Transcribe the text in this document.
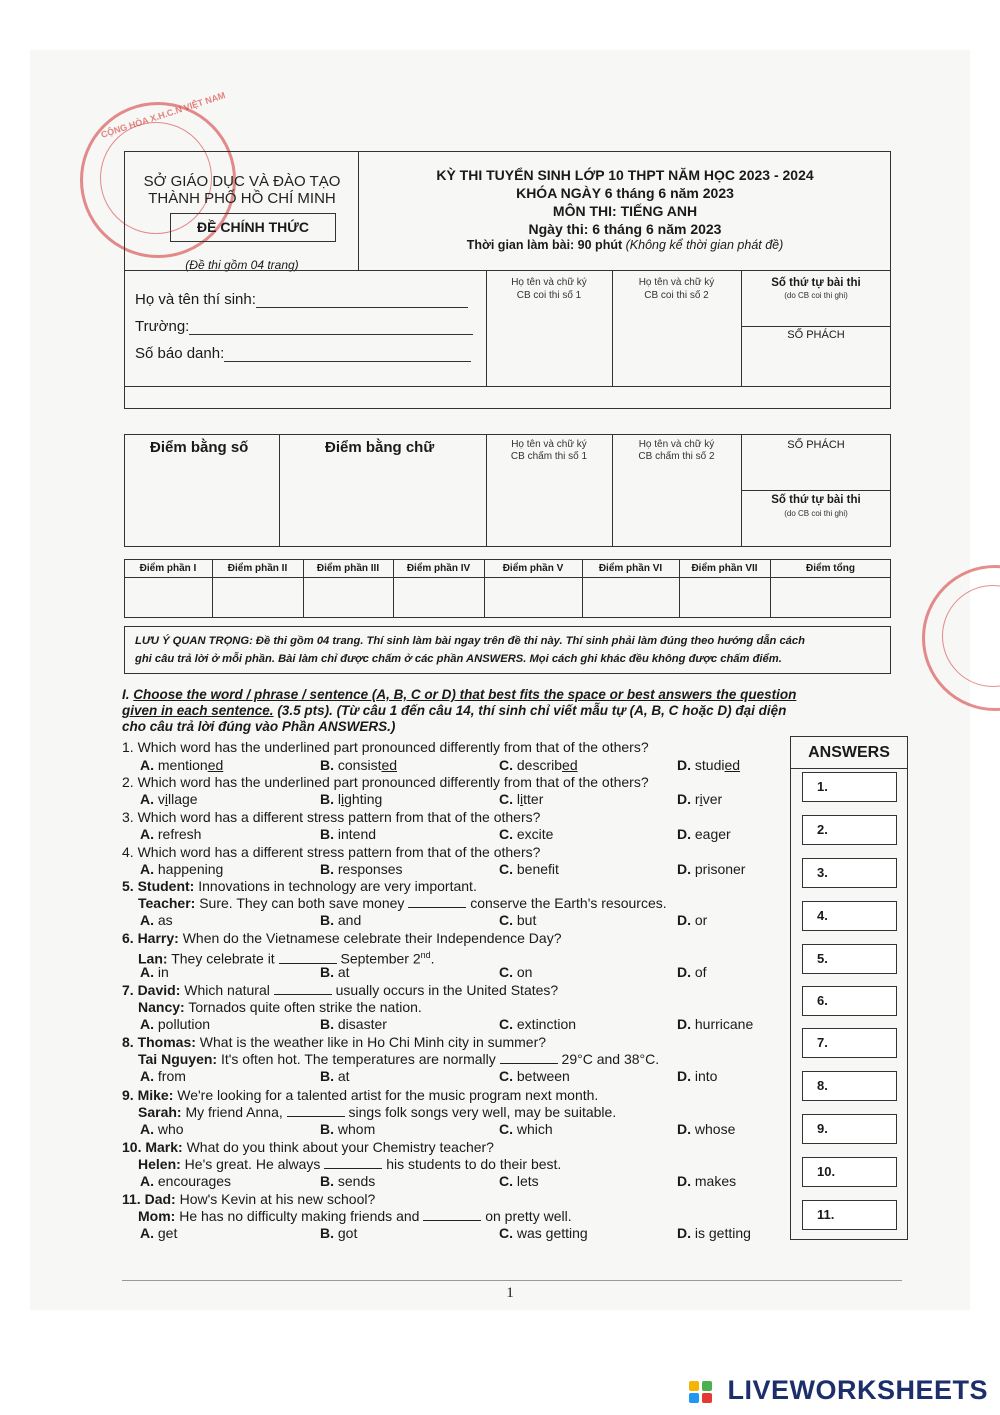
CỘNG HÒA X.H.C.N VIỆT NAM
SỞ GIÁO DỤC VÀ ĐÀO TẠO
THÀNH PHỐ HỒ CHÍ MINH
ĐỀ CHÍNH THỨC
(Đề thi gồm 04 trang)
KỲ THI TUYỂN SINH LỚP 10 THPT NĂM HỌC 2023 - 2024
KHÓA NGÀY 6 tháng 6 năm 2023
MÔN THI: TIẾNG ANH
Ngày thi: 6 tháng 6 năm 2023
Thời gian làm bài: 90 phút (Không kể thời gian phát đề)
Họ và tên thí sinh:
Trường:
Số báo danh:
Họ tên và chữ ký
CB coi thi số 1
Họ tên và chữ ký
CB coi thi số 2
Số thứ tự bài thi
(do CB coi thi ghi)
SỐ PHÁCH
Điểm bằng số	Điểm bằng chữ	Họ tên và chữ ký
CB chấm thi số 1
Họ tên và chữ ký
CB chấm thi số 2
SỐ PHÁCH
Số thứ tự bài thi
(do CB coi thi ghi)
Điểm phần I	Điểm phần II	Điểm phần III	Điểm phần IV	Điểm phần V	Điểm phần VI	Điểm phần VII	Điểm tổng
LƯU Ý QUAN TRỌNG: Đề thi gồm 04 trang. Thí sinh làm bài ngay trên đề thi này. Thí sinh phải làm đúng theo hướng dẫn cách
ghi câu trả lời ở mỗi phần. Bài làm chỉ được chấm ở các phần ANSWERS. Mọi cách ghi khác đều không được chấm điểm.
I. Choose the word / phrase / sentence (A, B, C or D) that best fits the space or best answers the question
given in each sentence. (3.5 pts). (Từ câu 1 đến câu 14, thí sinh chỉ viết mẫu tự (A, B, C hoặc D) đại diện
cho câu trả lời đúng vào Phần ANSWERS.)
1. Which word has the underlined part pronounced differently from that of the others?
A. mentioned	B. consisted	C. described	D. studied
2. Which word has the underlined part pronounced differently from that of the others?
A. village	B. lighting	C. litter	D. river
3. Which word has a different stress pattern from that of the others?
A. refresh	B. intend	C. excite	D. eager
4. Which word has a different stress pattern from that of the others?
A. happening	B. responses	C. benefit	D. prisoner
5. Student: Innovations in technology are very important.
Teacher: Sure. They can both save money	conserve the Earth's resources.
A. as	B. and	C. but	D. or
6. Harry: When do the Vietnamese celebrate their Independence Day?
Lan: They celebrate it	September 2nd.
A. in	B. at	C. on	D. of
7. David: Which natural	usually occurs in the United States?
Nancy: Tornados quite often strike the nation.
A. pollution	B. disaster	C. extinction	D. hurricane
8. Thomas: What is the weather like in Ho Chi Minh city in summer?
Tai Nguyen: It's often hot. The temperatures are normally	29°C and 38°C.
A. from	B. at	C. between	D. into
9. Mike: We're looking for a talented artist for the music program next month.
Sarah: My friend Anna,	sings folk songs very well, may be suitable.
A. who	B. whom	C. which	D. whose
10. Mark: What do you think about your Chemistry teacher?
Helen: He's great. He always	his students to do their best.
A. encourages	B. sends	C. lets	D. makes
11. Dad: How's Kevin at his new school?
Mom: He has no difficulty making friends and	on pretty well.
A. get	B. got	C. was getting	D. is getting
ANSWERS
1.
2.
3.
4.
5.
6.
7.
8.
9.
10.
11.
1
LIVEWORKSHEETS
